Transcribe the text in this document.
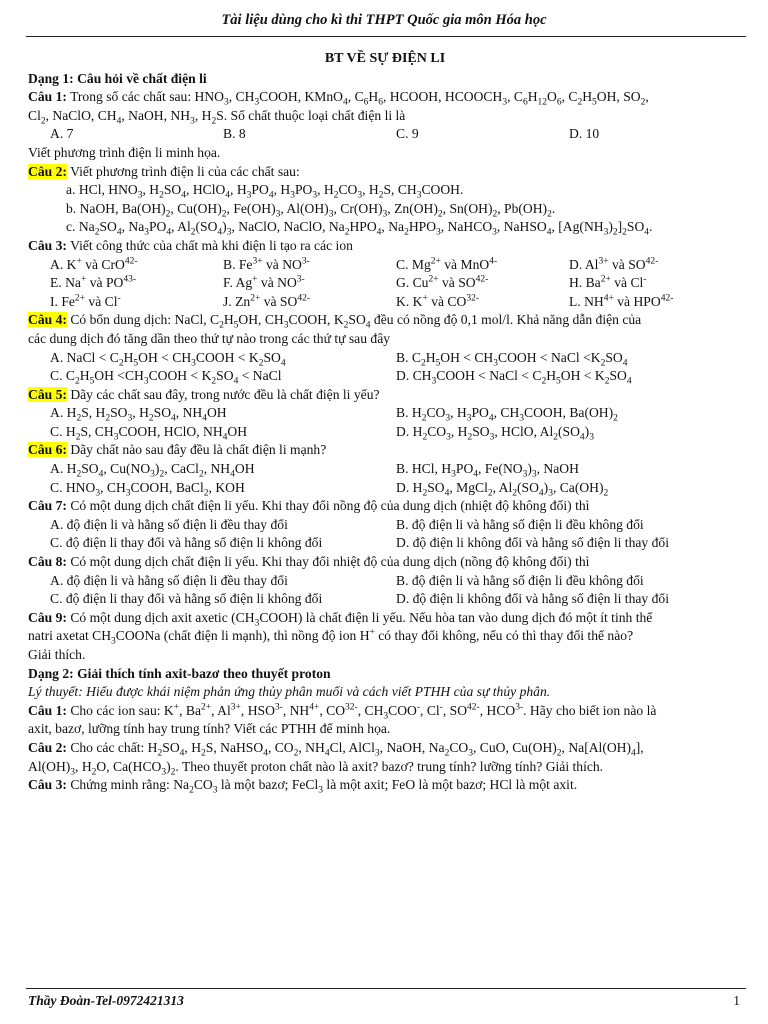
Tài liệu dùng cho kì thi THPT Quốc gia môn Hóa học
BT VỀ SỰ ĐIỆN LI
Dạng 1: Câu hỏi về chất điện li
Câu 1: Trong số các chất sau: $HNO_3$, $CH_3COOH$, KMnO$_4$, $C_6H_6$, HCOOH, $HCOOCH_3$, $C_6H_{12}O_6$, $C_2H_5OH$, $SO_2$,
$Cl_2$, NaClO, $CH_4$, NaOH, $NH_3$, $H_2S$. Số chất thuộc loại chất điện li là
A. 7	B. 8	C. 9	D. 10
Viết phương trình điện li minh họa.
Câu 2: Viết phương trình điện li của các chất sau:
a. HCl, $HNO_3$, $H_2SO_4$, HClO$_4$, $H_3PO_4$, $H_3PO_3$, $H_2CO_3$, $H_2S$, $CH_3COOH$.
b. NaOH, $Ba(OH)_2$, $Cu(OH)_2$, $Fe(OH)_3$, $Al(OH)_3$, $Cr(OH)_3$, $Zn(OH)_2$, $Sn(OH)_2$, $Pb(OH)_2$.
c. $Na_2SO_4$, $Na_3PO_4$, $Al_2(SO_4)_3$, NaClO, NaClO, $Na_2HPO_4$, $Na_2HPO_3$, NaHCO$_3$, NaHSO$_4$, $[Ag(NH_3)_2]_2SO_4$.
Câu 3: Viết công thức của chất mà khi điện li tạo ra các ion
A. K+ và CrO$^{42-}$	B. $Fe^{3+}$ và $NO^{3-}$	C. $Mg^{2+}$ và MnO$^{4-}$	D. $Al^{3+}$ và $SO^{42-}$
E. Na+ và $PO^{43-}$	F. Ag+ và $NO^{3-}$	G. $Cu^{2+}$ và $SO^{42-}$	H. $Ba^{2+}$ và Cl-
I. $Fe^{2+}$ và Cl-	J. $Zn^{2+}$ và $SO^{42-}$	K. K+ và $CO^{32-}$	L. $NH^{4+}$ và $HPO^{42-}$
Câu 4: Có bốn dung dịch: NaCl, $C_2H_5OH$, $CH_3COOH$, $K_2SO_4$ đều có nồng độ 0,1 mol/l. Khả năng dẫn điện của
các dung dịch đó tăng dần theo thứ tự nào trong các thứ tự sau đây
A. NaCl < $C_2H_5OH$ < $CH_3COOH < K_2SO_4$	B. $C_2H_5OH$ < $CH_3COOH$ < NaCl $<K_2SO_4$
C. $C_2H_5OH$ $<CH_3COOH < K_2SO_4$ < NaCl	D. $CH_3COOH$ < NaCl < $C_2H_5OH < K_2SO_4$
Câu 5: Dãy các chất sau đây, trong nước đều là chất điện li yếu?
A. $H_2S$, $H_2SO_3$, $H_2SO_4$, $NH_4OH$	B. $H_2CO_3$, $H_3PO_4$, $CH_3COOH$, $Ba(OH)_2$
C. $H_2S$, $CH_3COOH$, HClO, $NH_4OH$	D. $H_2CO_3$, $H_2SO_3$, HClO, $Al_2(SO_4)_3$
Câu 6: Dãy chất nào sau đây đều là chất điện li mạnh?
A. $H_2SO_4$, $Cu(NO_3)_2$, CaCl$_2$, $NH_4OH$	B. HCl, $H_3PO_4$, $Fe(NO_3)_3$, NaOH
C. $HNO_3$, $CH_3COOH$, BaCl$_2$, KOH	D. $H_2SO_4$, MgCl$_2$, $Al_2(SO_4)_3$, $Ca(OH)_2$
Câu 7: Có một dung dịch chất điện li yếu. Khi thay đổi nồng độ của dung dịch (nhiệt độ không đổi) thì
A. độ điện li và hằng số điện li đều thay đổi	B. độ điện li và hằng số điện li đều không đổi
C. độ điện li thay đổi và hằng số điện li không đổi	D. độ điện li không đổi và hằng số điện li thay đổi
Câu 8: Có một dung dịch chất điện li yếu. Khi thay đổi nhiệt độ của dung dịch (nồng độ không đổi) thì
A. độ điện li và hằng số điện li đều thay đổi	B. độ điện li và hằng số điện li đều không đổi
C. độ điện li thay đổi và hằng số điện li không đổi	D. độ điện li không đổi và hằng số điện li thay đổi
Câu 9: Có một dung dịch axit axetic $(CH_3COOH)$ là chất điện li yếu. Nếu hòa tan vào dung dịch đó một ít tinh thể
natri axetat $CH_3COONa$ (chất điện li mạnh), thì nồng độ ion H+ có thay đổi không, nếu có thì thay đổi thế nào?
Giải thích.
Dạng 2: Giải thích tính axit-bazơ theo thuyết proton
Lý thuyết: Hiểu được khái niệm phản ứng thủy phân muối và cách viết PTHH của sự thủy phân.
Câu 1: Cho các ion sau: K+, $Ba^{2+}$, $Al^{3+}$, $HSO^{3-}$, $NH^{4+}$, $CO^{32-}$, $CH_3COO^-$, Cl-, $SO^{42-}$, $HCO^{3-}$. Hãy cho biết ion nào là
axit, bazơ, lưỡng tính hay trung tính? Viết các PTHH để minh họa.
Câu 2: Cho các chất: $H_2SO_4$, $H_2S$, NaHSO$_4$, $CO_2$, $NH_4Cl$, AlCl$_3$, NaOH, $Na_2CO_3$, CuO, $Cu(OH)_2$, $Na[Al(OH)_4]$,
$Al(OH)_3$, $H_2O$, $Ca(HCO_3)_2$. Theo thuyết proton chất nào là axit? bazơ? trung tính? lưỡng tính? Giải thích.
Câu 3: Chứng minh rằng: $Na_2CO_3$ là một bazơ; FeCl$_3$ là một axit; FeO là một bazơ; HCl là một axit.
Thầy Đoàn-Tel-0972421313	1
